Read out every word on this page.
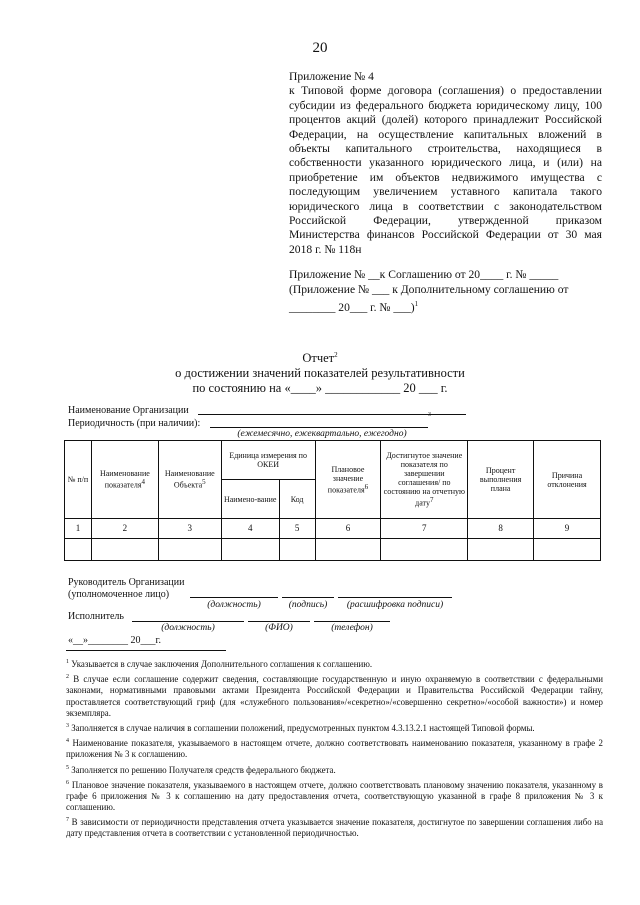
20
Приложение № 4
к Типовой форме договора (соглашения) о предоставлении субсидии из федерального бюджета юридическому лицу, 100 процентов акций (долей) которого принадлежит Российской Федерации, на осуществление капитальных вложений в объекты капитального строительства, находящиеся в собственности указанного юридического лица, и (или) на приобретение им объектов недвижимого имущества с последующим увеличением уставного капитала такого юридического лица в соответствии с законодательством Российской Федерации, утвержденной приказом Министерства финансов Российской Федерации от 30 мая 2018 г. № 118н
Приложение № __к Соглашению от 20____ г. № _____
(Приложение № ___ к Дополнительному соглашению от
________ 20___ г. № ___)$^1$
Отчет$^2$
о достижении значений показателей результативности
по состоянию на «____» ____________ 20 ___ г.
Наименование Организации
Периодичность (при наличии):
3
(ежемесячно, ежеквартально, ежегодно)
№ п/п	Наименование показателя4	Наименование Объекта5	Единица измерения по ОКЕИ		Плановое значение показателя6	Достигнутое значение показателя по завершении соглашения/ по состоянию на отчетную дату7	Процент выполнения плана	Причина отклонения
			Наимено-вание	Код				
1	2	3	4	5	6	7	8	9

Руководитель Организации
(уполномоченное лицо)
(должность)	(подпись)	(расшифровка подписи)
Исполнитель
(должность)	(ФИО)	(телефон)
«__»________ 20___г.
$^1$ Указывается в случае заключения Дополнительного соглашения к соглашению.
$^2$ В случае если соглашение содержит сведения, составляющие государственную и иную охраняемую в соответствии с федеральными законами, нормативными правовыми актами Президента Российской Федерации и Правительства Российской Федерации тайну, проставляется соответствующий гриф (для «служебного пользования»/«секретно»/«совершенно секретно»/«особой важности») и номер экземпляра.
$^3$ Заполняется в случае наличия в соглашении положений, предусмотренных пунктом 4.3.13.2.1 настоящей Типовой формы.
$^4$ Наименование показателя, указываемого в настоящем отчете, должно соответствовать наименованию показателя, указанному в графе 2 приложения № 3 к соглашению.
$^5$ Заполняется по решению Получателя средств федерального бюджета.
$^6$ Плановое значение показателя, указываемого в настоящем отчете, должно соответствовать плановому значению показателя, указанному в графе 6 приложения № 3 к соглашению на дату предоставления отчета, соответствующую указанной в графе 8 приложения № 3 к соглашению.
$^7$ В зависимости от периодичности представления отчета указывается значение показателя, достигнутое по завершении соглашения либо на дату представления отчета в соответствии с установленной периодичностью.
